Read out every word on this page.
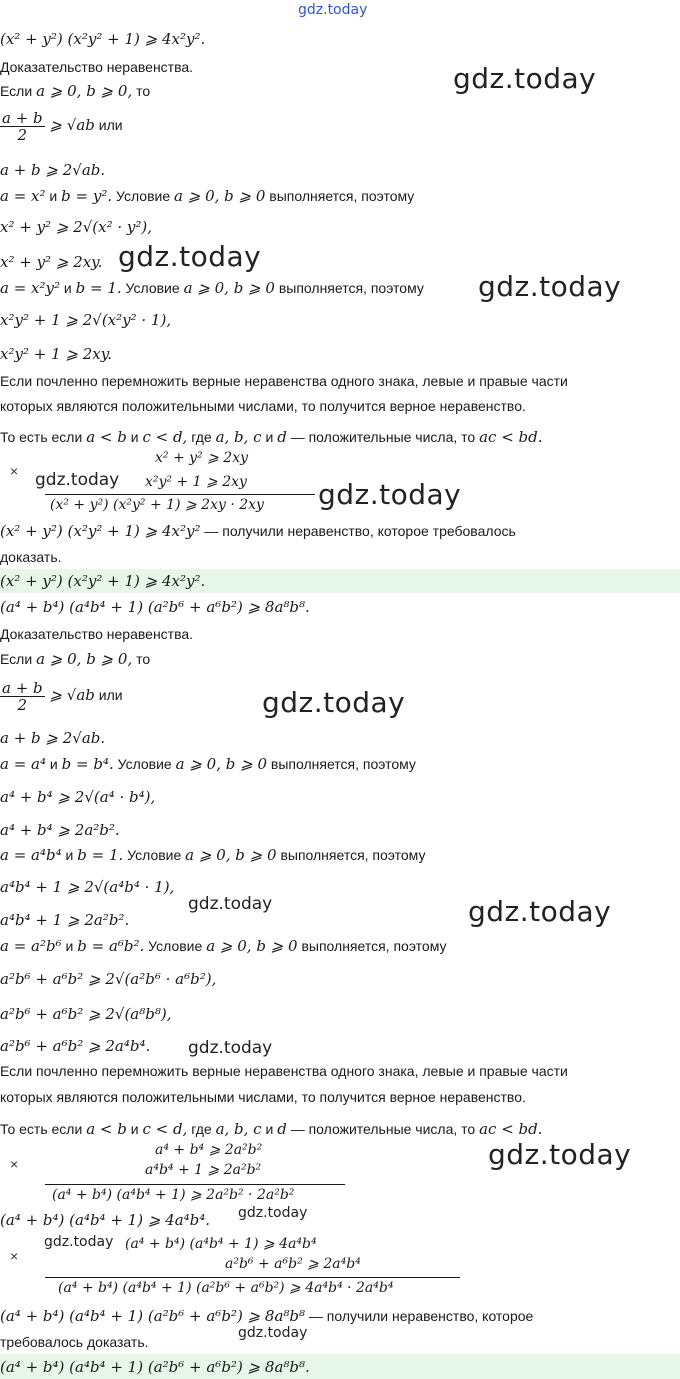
gdz.today
gdz.today
gdz.today
gdz.today
gdz.today	gdz.today
gdz.today
gdz.today	gdz.today
gdz.today
gdz.today
gdz.today
gdz.today
gdz.today
(x² + y²) (x²y² + 1) ⩾ 4x²y².
Доказательство неравенства.
Если a ⩾ 0, b ⩾ 0, то
$\frac{a + b}{2}$ ⩾ √ab или
a + b ⩾ 2√ab.
a = x² и b = y². Условие a ⩾ 0, b ⩾ 0 выполняется, поэтому
x² + y² ⩾ 2√(x² · y²),
x² + y² ⩾ 2xy.
a = x²y² и b = 1. Условие a ⩾ 0, b ⩾ 0 выполняется, поэтому
x²y² + 1 ⩾ 2√(x²y² · 1),
x²y² + 1 ⩾ 2xy.
Если почленно перемножить верные неравенства одного знака, левые и правые части
которых являются положительными числами, то получится верное неравенство.
То есть если a < b и c < d, где a, b, c и d — положительные числа, то ac < bd.
×
x² + y² ⩾ 2xy
x²y² + 1 ⩾ 2xy
(x² + y²) (x²y² + 1) ⩾ 2xy · 2xy
(x² + y²) (x²y² + 1) ⩾ 4x²y² — получили неравенство, которое требовалось
доказать.
(x² + y²) (x²y² + 1) ⩾ 4x²y².
(a⁴ + b⁴) (a⁴b⁴ + 1) (a²b⁶ + a⁶b²) ⩾ 8a⁸b⁸.
Доказательство неравенства.
Если a ⩾ 0, b ⩾ 0, то
$\frac{a + b}{2}$ ⩾ √ab или
a + b ⩾ 2√ab.
a = a⁴ и b = b⁴. Условие a ⩾ 0, b ⩾ 0 выполняется, поэтому
a⁴ + b⁴ ⩾ 2√(a⁴ · b⁴),
a⁴ + b⁴ ⩾ 2a²b².
a = a⁴b⁴ и b = 1. Условие a ⩾ 0, b ⩾ 0 выполняется, поэтому
a⁴b⁴ + 1 ⩾ 2√(a⁴b⁴ · 1),
a⁴b⁴ + 1 ⩾ 2a²b².
a = a²b⁶ и b = a⁶b². Условие a ⩾ 0, b ⩾ 0 выполняется, поэтому
a²b⁶ + a⁶b² ⩾ 2√(a²b⁶ · a⁶b²),
a²b⁶ + a⁶b² ⩾ 2√(a⁸b⁸),
a²b⁶ + a⁶b² ⩾ 2a⁴b⁴.
Если почленно перемножить верные неравенства одного знака, левые и правые части
которых являются положительными числами, то получится верное неравенство.
То есть если a < b и c < d, где a, b, c и d — положительные числа, то ac < bd.
×
a⁴ + b⁴ ⩾ 2a²b²
a⁴b⁴ + 1 ⩾ 2a²b²
(a⁴ + b⁴) (a⁴b⁴ + 1) ⩾ 2a²b² · 2a²b²
(a⁴ + b⁴) (a⁴b⁴ + 1) ⩾ 4a⁴b⁴.
×
(a⁴ + b⁴) (a⁴b⁴ + 1) ⩾ 4a⁴b⁴
a²b⁶ + a⁶b² ⩾ 2a⁴b⁴
(a⁴ + b⁴) (a⁴b⁴ + 1) (a²b⁶ + a⁶b²) ⩾ 4a⁴b⁴ · 2a⁴b⁴
(a⁴ + b⁴) (a⁴b⁴ + 1) (a²b⁶ + a⁶b²) ⩾ 8a⁸b⁸ — получили неравенство, которое
требовалось доказать.
(a⁴ + b⁴) (a⁴b⁴ + 1) (a²b⁶ + a⁶b²) ⩾ 8a⁸b⁸.
